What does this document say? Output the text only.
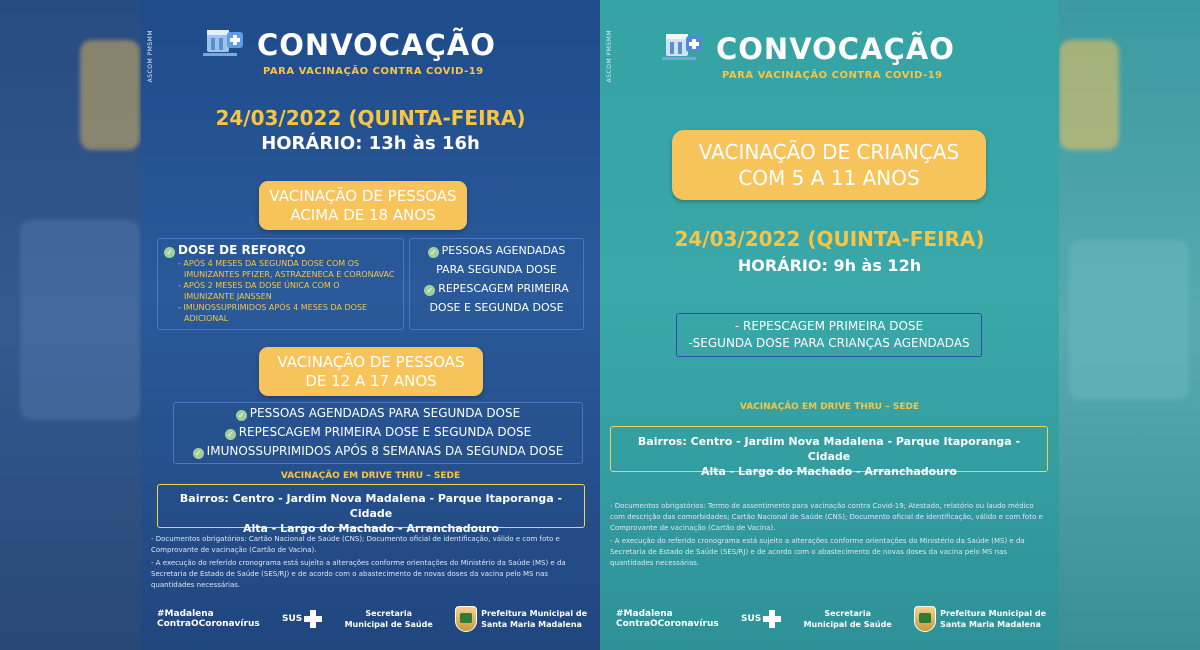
ASCOM PMSMM	CONVOCAÇÃO
PARA VACINAÇÃO CONTRA COVID-19
24/03/2022 (QUINTA-FEIRA)
HORÁRIO: 13h às 16h
VACINAÇÃO DE PESSOAS
ACIMA DE 18 ANOS
✓ DOSE DE REFORÇO
- APÓS 4 MESES DA SEGUNDA DOSE COM OS
IMUNIZANTES PFIZER, ASTRAZENECA E CORONAVAC
- APÓS 2 MESES DA DOSE ÚNICA COM O
IMUNIZANTE JANSSEN
- IMUNOSSUPRIMIDOS APÓS 4 MESES DA DOSE
ADICIONAL
✓ PESSOAS AGENDADAS
PARA SEGUNDA DOSE
✓ REPESCAGEM PRIMEIRA
DOSE E SEGUNDA DOSE
VACINAÇÃO DE PESSOAS
DE 12 A 17 ANOS
✓ PESSOAS AGENDADAS PARA SEGUNDA DOSE
✓ REPESCAGEM PRIMEIRA DOSE E SEGUNDA DOSE
✓ IMUNOSSUPRIMIDOS APÓS 8 SEMANAS DA SEGUNDA DOSE
VACINAÇÃO EM DRIVE THRU – SEDE
Bairros: Centro - Jardim Nova Madalena - Parque Itaporanga - Cidade
Alta - Largo do Machado - Arranchadouro

- Documentos obrigatórios: Cartão Nacional de Saúde (CNS); Documento oficial de identificação, válido e com foto e Comprovante de vacinação (Cartão de Vacina).

- A execução do referido cronograma está sujeito a alterações conforme orientações do Ministério da Saúde (MS) e da Secretaria de Estado de Saúde (SES/RJ) e de acordo com o abastecimento de novas doses da vacina pelo MS nas quantidades necessárias.

#Madalena
ContraOCoronavírus SUS
Secretaria
Municipal de Saúde
Prefeitura Municipal de
Santa Maria Madalena
ASCOM PMSMM	CONVOCAÇÃO
PARA VACINAÇÃO CONTRA COVID-19
VACINAÇÃO DE CRIANÇAS
COM 5 A 11 ANOS
24/03/2022 (QUINTA-FEIRA)
HORÁRIO: 9h às 12h
- REPESCAGEM PRIMEIRA DOSE
-SEGUNDA DOSE PARA CRIANÇAS AGENDADAS
VACINAÇÃO EM DRIVE THRU – SEDE
Bairros: Centro - Jardim Nova Madalena - Parque Itaporanga - Cidade
Alta - Largo do Machado - Arranchadouro

- Documentos obrigatórios: Termo de assentimento para vacinação contra Covid-19; Atestado, relatório ou laudo médico com descrição das comorbidades; Cartão Nacional de Saúde (CNS); Documento oficial de identificação, válido e com foto e Comprovante de vacinação (Cartão de Vacina).

- A execução do referido cronograma está sujeito a alterações conforme orientações do Ministério da Saúde (MS) e da Secretaria de Estado de Saúde (SES/RJ) e de acordo com o abastecimento de novas doses da vacina pelo MS nas quantidades necessárias.

#Madalena
ContraOCoronavírus SUS
Secretaria
Municipal de Saúde
Prefeitura Municipal de
Santa Maria Madalena
